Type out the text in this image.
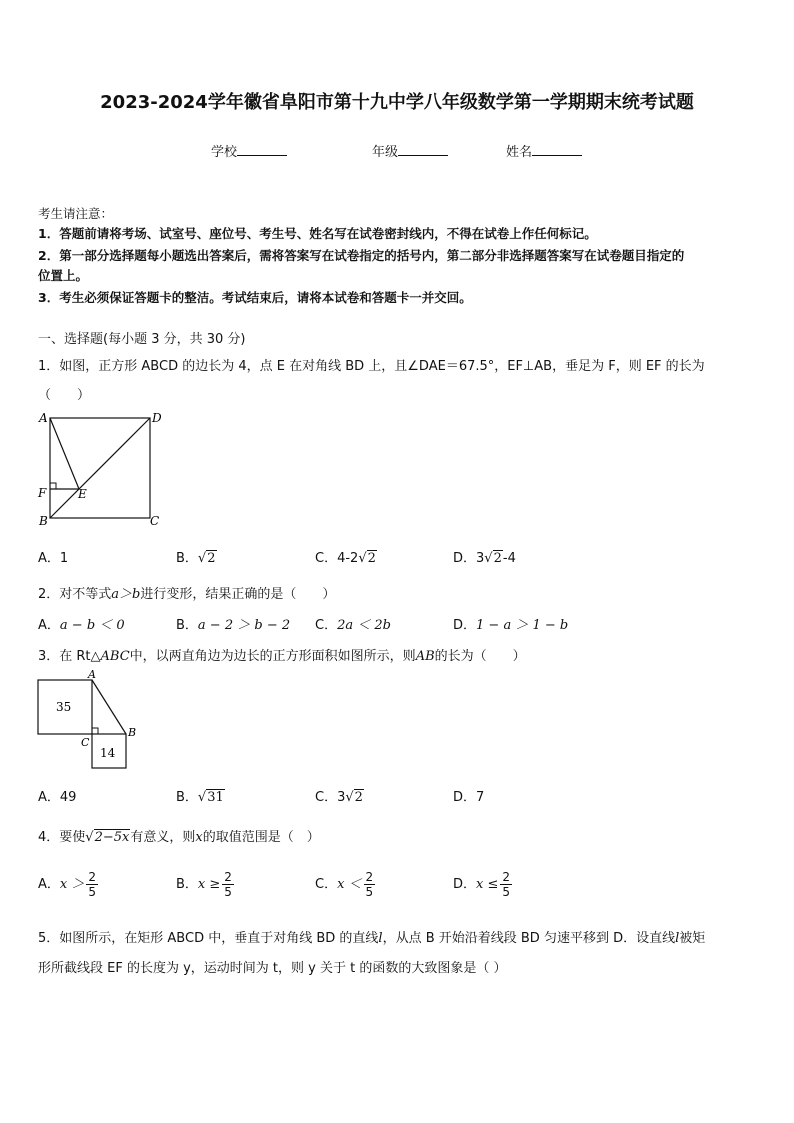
2023-2024学年徽省阜阳市第十九中学八年级数学第一学期期末统考试题
学校	年级	姓名
考生请注意：
1．答题前请将考场、试室号、座位号、考生号、姓名写在试卷密封线内，不得在试卷上作任何标记。
2．第一部分选择题每小题选出答案后，需将答案写在试卷指定的括号内，第二部分非选择题答案写在试卷题目指定的
位置上。
3．考生必须保证答题卡的整洁。考试结束后，请将本试卷和答题卡一并交回。
一、选择题(每小题 3 分，共 30 分)
1．如图，正方形 ABCD 的边长为 4，点 E 在对角线 BD 上，且∠DAE＝67.5°，EF⊥AB，垂足为 F，则 EF 的长为
（　　）
A	D
F	E
B	C
A．1	B．√2	C．4-2√2	D．3√2-4
2．对不等式a＞b进行变形，结果正确的是（　　）
A．a − b ＜ 0	B．a − 2 ＞ b − 2 C．2a ＜ 2b	D．1 − a ＞ 1 − b
3．在 Rt△ABC中，以两直角边为边长的正方形面积如图所示，则AB的长为（　　）
35
14
A
B
C
A．49	B．√31	C．3√2	D．7
4．要使√2−5x有意义，则x的取值范围是（　）
A．$x > \frac{2}{5}$	B．$x \ge \frac{2}{5}$	C．$x < \frac{2}{5}$	D．$x \le \frac{2}{5}$
5．如图所示，在矩形 ABCD 中，垂直于对角线 BD 的直线l，从点 B 开始沿着线段 BD 匀速平移到 D．设直线l被矩
形所截线段 EF 的长度为 y，运动时间为 t，则 y 关于 t 的函数的大致图象是（ ）
